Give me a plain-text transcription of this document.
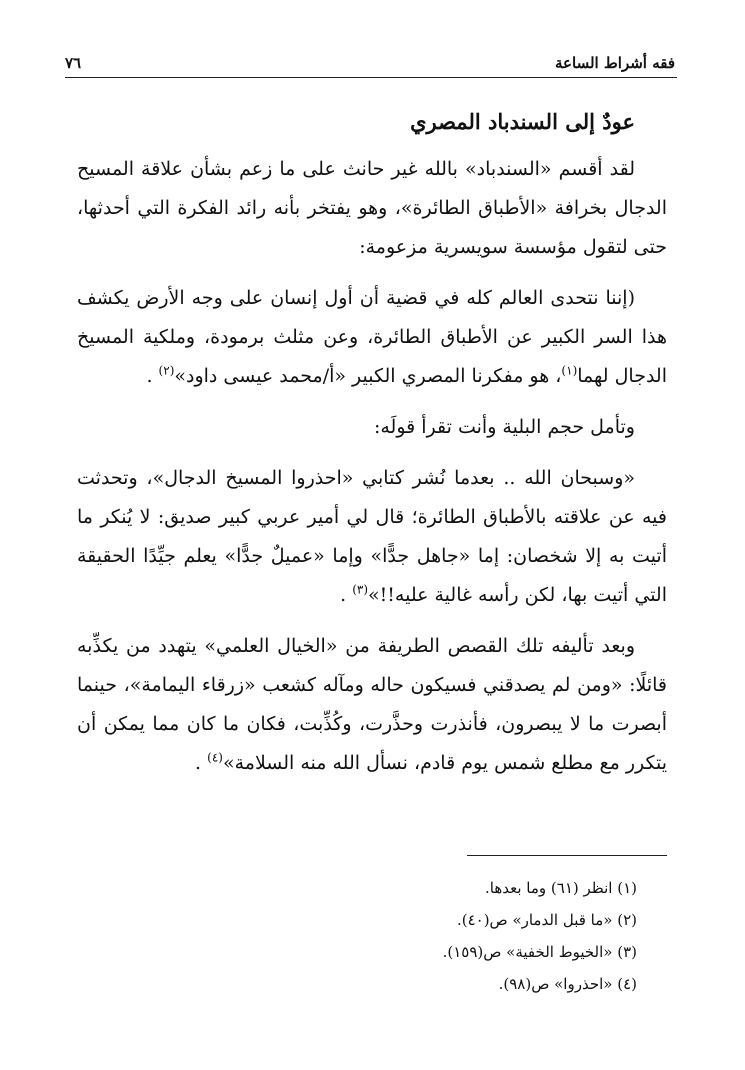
فقه أشراط الساعة
٧٦
عودٌ إلى السندباد المصري

لقد أقسم «السندباد» بالله غير حانث على ما زعم بشأن علاقة المسيح الدجال بخرافة «الأطباق الطائرة»، وهو يفتخر بأنه رائد الفكرة التي أحدثها، حتى لتقول مؤسسة سويسرية مزعومة:

(إننا نتحدى العالم كله في قضية أن أول إنسان على وجه الأرض يكشف هذا السر الكبير عن الأطباق الطائرة، وعن مثلث برمودة، وملكية المسيخ الدجال لهما$^{(١)}$، هو مفكرنا المصري الكبير «أ/محمد عيسى داود»$^{(٢)}$ .

وتأمل حجم البلية وأنت تقرأ قولَه:

«وسبحان الله .. بعدما نُشر كتابي «احذروا المسيخ الدجال»، وتحدثت فيه عن علاقته بالأطباق الطائرة؛ قال لي أمير عربي كبير صديق: لا يُنكر ما أتيت به إلا شخصان: إما «جاهل جدًّا» وإما «عميلٌ جدًّا» يعلم جيِّدًا الحقيقة التي أتيت بها، لكن رأسه غالية عليه!!»$^{(٣)}$ .

وبعد تأليفه تلك القصص الطريفة من «الخيال العلمي» يتهدد من يكذِّبه قائلًا: «ومن لم يصدقني فسيكون حاله ومآله كشعب «زرقاء اليمامة»، حينما أبصرت ما لا يبصرون، فأنذرت وحذَّرت، وكُذِّبت، فكان ما كان مما يمكن أن يتكرر مع مطلع شمس يوم قادم، نسأل الله منه السلامة»$^{(٤)}$ .

(١) انظر (٦١) وما بعدها.
(٢) «ما قبل الدمار» ص(٤٠).
(٣) «الخيوط الخفية» ص(١٥٩).
(٤) «احذروا» ص(٩٨).
